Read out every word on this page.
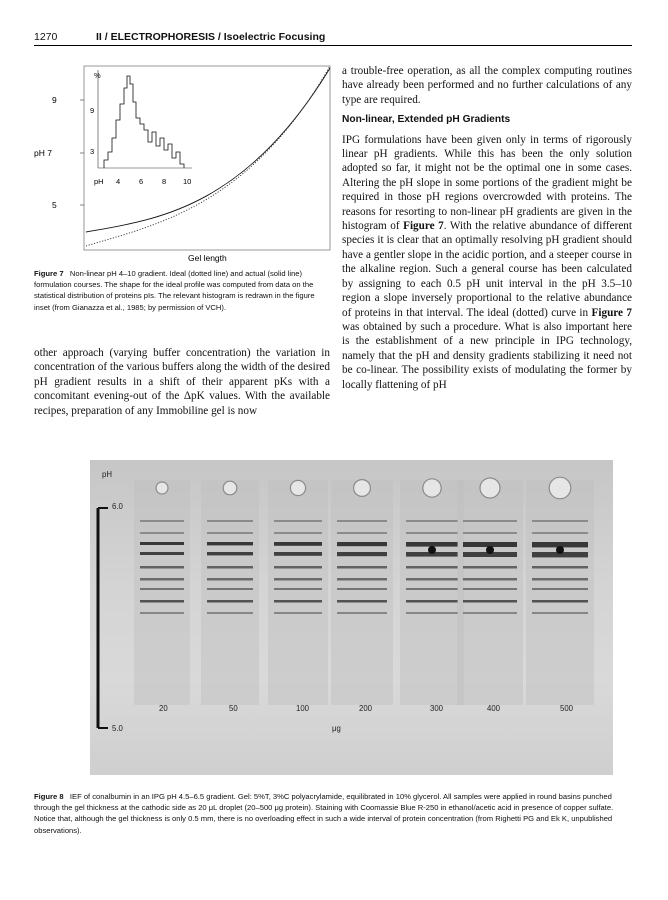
1270	II / ELECTROPHORESIS / Isoelectric Focusing
9
pH 7
5
%
9
3
pH 4	6	8 10
Gel length
Figure 7 Non-linear pH 4–10 gradient. Ideal (dotted line) and actual (solid line) formulation courses. The shape for the ideal profile was computed from data on the statistical distribution of proteins pIs. The relevant histogram is redrawn in the figure inset (from Gianazza et al., 1985; by permission of VCH).

other approach (varying buffer concentration) the variation in concentration of the various buffers along the width of the desired pH gradient results in a shift of their apparent pKs with a concomitant evening-out of the ΔpK values. With the available recipes, preparation of any Immobiline gel is now

a trouble-free operation, as all the complex computing routines have already been performed and no further calculations of any type are required.

Non-linear, Extended pH Gradients

IPG formulations have been given only in terms of rigorously linear pH gradients. While this has been the only solution adopted so far, it might not be the optimal one in some cases. Altering the pH slope in some portions of the gradient might be required in those pH regions overcrowded with proteins. The reasons for resorting to non-linear pH gradients are given in the histogram of Figure 7. With the relative abundance of different species it is clear that an optimally resolving pH gradient should have a gentler slope in the acidic portion, and a steeper course in the alkaline region. Such a general course has been calculated by assigning to each 0.5 pH unit interval in the pH 3.5–10 region a slope inversely proportional to the relative abundance of proteins in that interval. The ideal (dotted) curve in Figure 7 was obtained by such a procedure. What is also important here is the establishment of a new principle in IPG technology, namely that the pH and density gradients stabilizing it need not be co-linear. The possibility exists of modulating the former by locally flattening of pH

pH
6.0
5.0
20	50	100	200	300	400	500
μg
Figure 8 IEF of conalbumin in an IPG pH 4.5–6.5 gradient. Gel: 5%T, 3%C polyacrylamide, equilibrated in 10% glycerol. All samples were applied in round basins punched through the gel thickness at the cathodic side as 20 μL droplet (20–500 μg protein). Staining with Coomassie Blue R-250 in ethanol/acetic acid in presence of copper sulfate. Notice that, although the gel thickness is only 0.5 mm, there is no overloading effect in such a wide interval of protein concentration (from Righetti PG and Ek K, unpublished observations).
